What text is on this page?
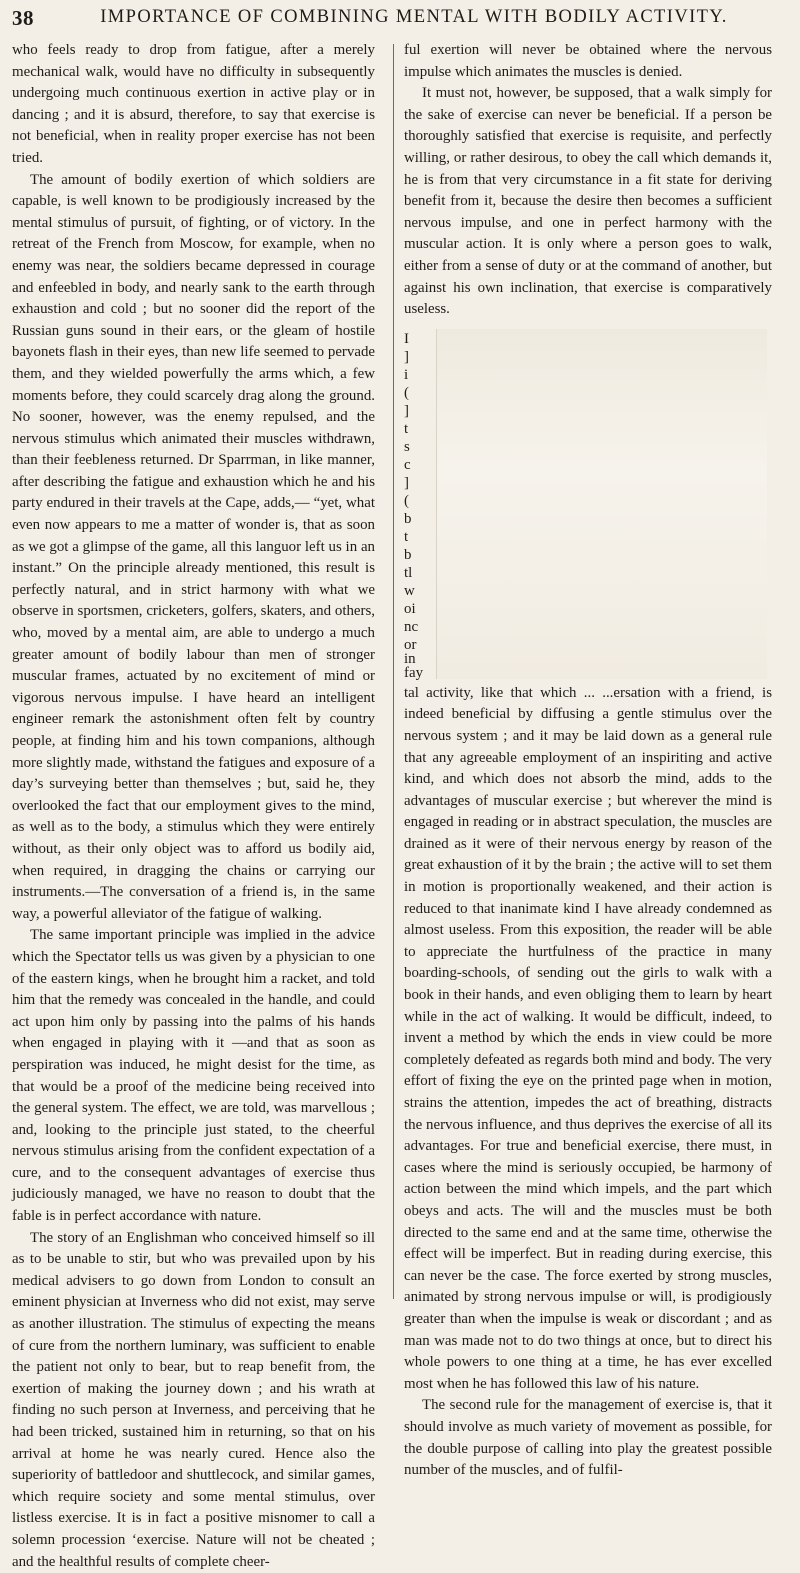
38	IMPORTANCE OF COMBINING MENTAL WITH BODILY ACTIVITY.

who feels ready to drop from fatigue, after a merely mechanical walk, would have no difficulty in subsequently undergoing much continuous exertion in active play or in dancing ; and it is absurd, therefore, to say that exercise is not beneficial, when in reality proper exercise has not been tried.

The amount of bodily exertion of which soldiers are capable, is well known to be prodigiously increased by the mental stimulus of pursuit, of fighting, or of victory. In the retreat of the French from Moscow, for example, when no enemy was near, the soldiers became depressed in courage and enfeebled in body, and nearly sank to the earth through exhaustion and cold ; but no sooner did the report of the Russian guns sound in their ears, or the gleam of hostile bayonets flash in their eyes, than new life seemed to pervade them, and they wielded powerfully the arms which, a few moments before, they could scarcely drag along the ground. No sooner, however, was the enemy repulsed, and the nervous stimulus which animated their muscles withdrawn, than their feebleness returned. Dr Sparrman, in like manner, after describing the fatigue and exhaustion which he and his party endured in their travels at the Cape, adds,— “yet, what even now appears to me a matter of wonder is, that as soon as we got a glimpse of the game, all this languor left us in an instant.” On the principle already mentioned, this result is perfectly natural, and in strict harmony with what we observe in sportsmen, cricketers, golfers, skaters, and others, who, moved by a mental aim, are able to undergo a much greater amount of bodily labour than men of stronger muscular frames, actuated by no excitement of mind or vigorous nervous impulse. I have heard an intelligent engineer remark the astonishment often felt by country people, at finding him and his town companions, although more slightly made, withstand the fatigues and exposure of a day’s surveying better than themselves ; but, said he, they overlooked the fact that our employment gives to the mind, as well as to the body, a stimulus which they were entirely without, as their only object was to afford us bodily aid, when required, in dragging the chains or carrying our instruments.—The conversation of a friend is, in the same way, a powerful alleviator of the fatigue of walking.

The same important principle was implied in the advice which the Spectator tells us was given by a physician to one of the eastern kings, when he brought him a racket, and told him that the remedy was concealed in the handle, and could act upon him only by passing into the palms of his hands when engaged in playing with it —and that as soon as perspiration was induced, he might desist for the time, as that would be a proof of the medicine being received into the general system. The effect, we are told, was marvellous ; and, looking to the principle just stated, to the cheerful nervous stimulus arising from the confident expectation of a cure, and to the consequent advantages of exercise thus judiciously managed, we have no reason to doubt that the fable is in perfect accordance with nature.

The story of an Englishman who conceived himself so ill as to be unable to stir, but who was prevailed upon by his medical advisers to go down from London to consult an eminent physician at Inverness who did not exist, may serve as another illustration. The stimulus of expecting the means of cure from the northern luminary, was sufficient to enable the patient not only to bear, but to reap benefit from, the exertion of making the journey down ; and his wrath at finding no such person at Inverness, and perceiving that he had been tricked, sustained him in returning, so that on his arrival at home he was nearly cured. Hence also the superiority of battledoor and shuttlecock, and similar games, which require society and some mental stimulus, over listless exercise. It is in fact a positive misnomer to call a solemn procession ‘exercise. Nature will not be cheated ; and the healthful results of complete cheer-

ful exertion will never be obtained where the nervous impulse which animates the muscles is denied.

It must not, however, be supposed, that a walk simply for the sake of exercise can never be beneficial. If a person be thoroughly satisfied that exercise is requisite, and perfectly willing, or rather desirous, to obey the call which demands it, he is from that very circumstance in a fit state for deriving benefit from it, because the desire then becomes a sufficient nervous impulse, and one in perfect harmony with the muscular action. It is only where a person goes to walk, either from a sense of duty or at the command of another, but against his own inclination, that exercise is comparatively useless.

I
]
i
(
]
t
s
c
]
(
b
t
b
tl
w
oi
nc
or
in
fay

tal activity, like that which ... ...ersation with a friend, is indeed beneficial by diffusing a gentle stimulus over the nervous system ; and it may be laid down as a general rule that any agreeable employment of an inspiriting and active kind, and which does not absorb the mind, adds to the advantages of muscular exercise ; but wherever the mind is engaged in reading or in abstract speculation, the muscles are drained as it were of their nervous energy by reason of the great exhaustion of it by the brain ; the active will to set them in motion is proportionally weakened, and their action is reduced to that inanimate kind I have already condemned as almost useless. From this exposition, the reader will be able to appreciate the hurtfulness of the practice in many boarding-schools, of sending out the girls to walk with a book in their hands, and even obliging them to learn by heart while in the act of walking. It would be difficult, indeed, to invent a method by which the ends in view could be more completely defeated as regards both mind and body. The very effort of fixing the eye on the printed page when in motion, strains the attention, impedes the act of breathing, distracts the nervous influence, and thus deprives the exercise of all its advantages. For true and beneficial exercise, there must, in cases where the mind is seriously occupied, be harmony of action between the mind which impels, and the part which obeys and acts. The will and the muscles must be both directed to the same end and at the same time, otherwise the effect will be imperfect. But in reading during exercise, this can never be the case. The force exerted by strong muscles, animated by strong nervous impulse or will, is prodigiously greater than when the impulse is weak or discordant ; and as man was made not to do two things at once, but to direct his whole powers to one thing at a time, he has ever excelled most when he has followed this law of his nature.

The second rule for the management of exercise is, that it should involve as much variety of movement as possible, for the double purpose of calling into play the greatest possible number of the muscles, and of fulfil-
